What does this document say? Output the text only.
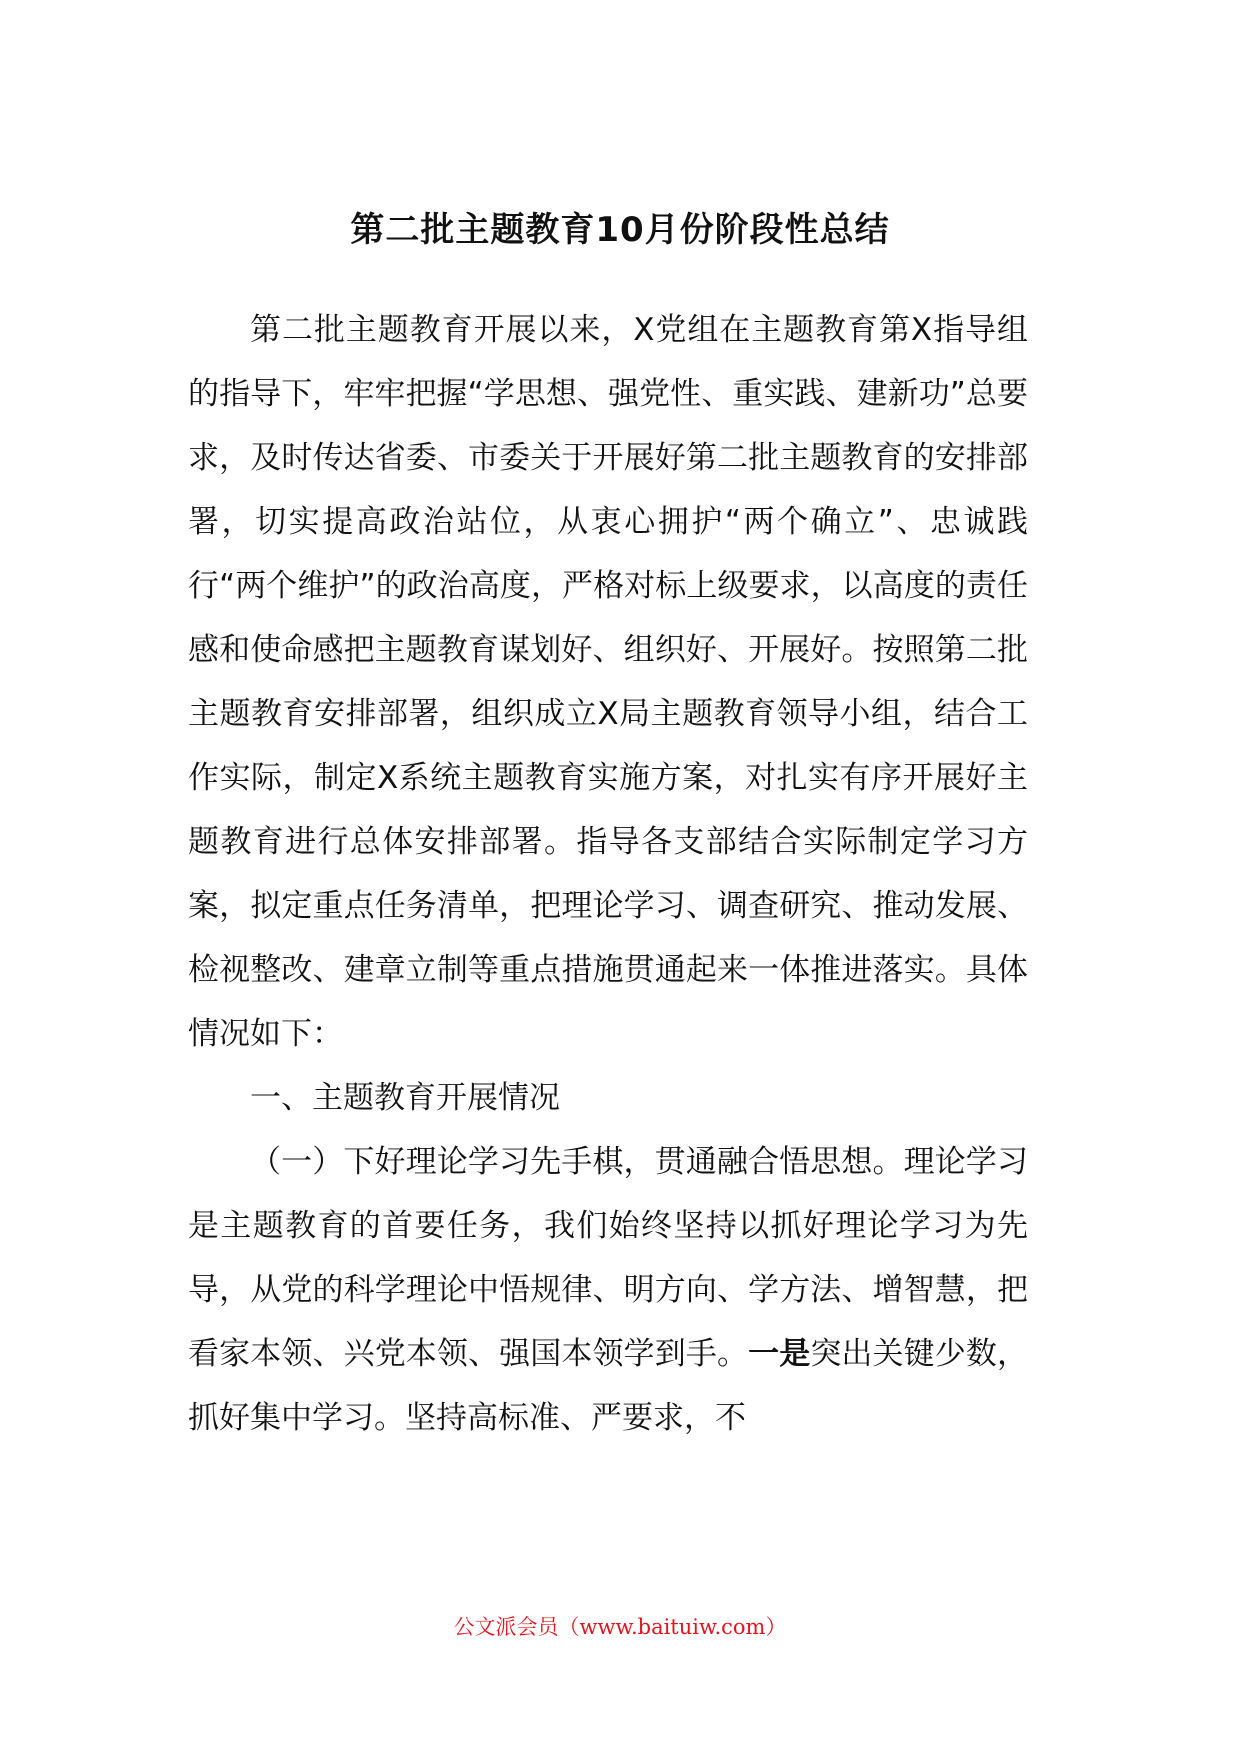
第二批主题教育10月份阶段性总结

第二批主题教育开展以来，X党组在主题教育第X指导组的指导下，牢牢把握“学思想、强党性、重实践、建新功”总要求，及时传达省委、市委关于开展好第二批主题教育的安排部署，切实提高政治站位，从衷心拥护“两个确立”、忠诚践行“两个维护”的政治高度，严格对标上级要求，以高度的责任感和使命感把主题教育谋划好、组织好、开展好。按照第二批主题教育安排部署，组织成立X局主题教育领导小组，结合工作实际，制定X系统主题教育实施方案，对扎实有序开展好主题教育进行总体安排部署。指导各支部结合实际制定学习方案，拟定重点任务清单，把理论学习、调查研究、推动发展、检视整改、建章立制等重点措施贯通起来一体推进落实。具体情况如下：

一、主题教育开展情况

（一）下好理论学习先手棋，贯通融合悟思想。理论学习是主题教育的首要任务，我们始终坚持以抓好理论学习为先导，从党的科学理论中悟规律、明方向、学方法、增智慧，把看家本领、兴党本领、强国本领学到手。一是突出关键少数，抓好集中学习。坚持高标准、严要求，不

公文派会员（www.baituiw.com）
